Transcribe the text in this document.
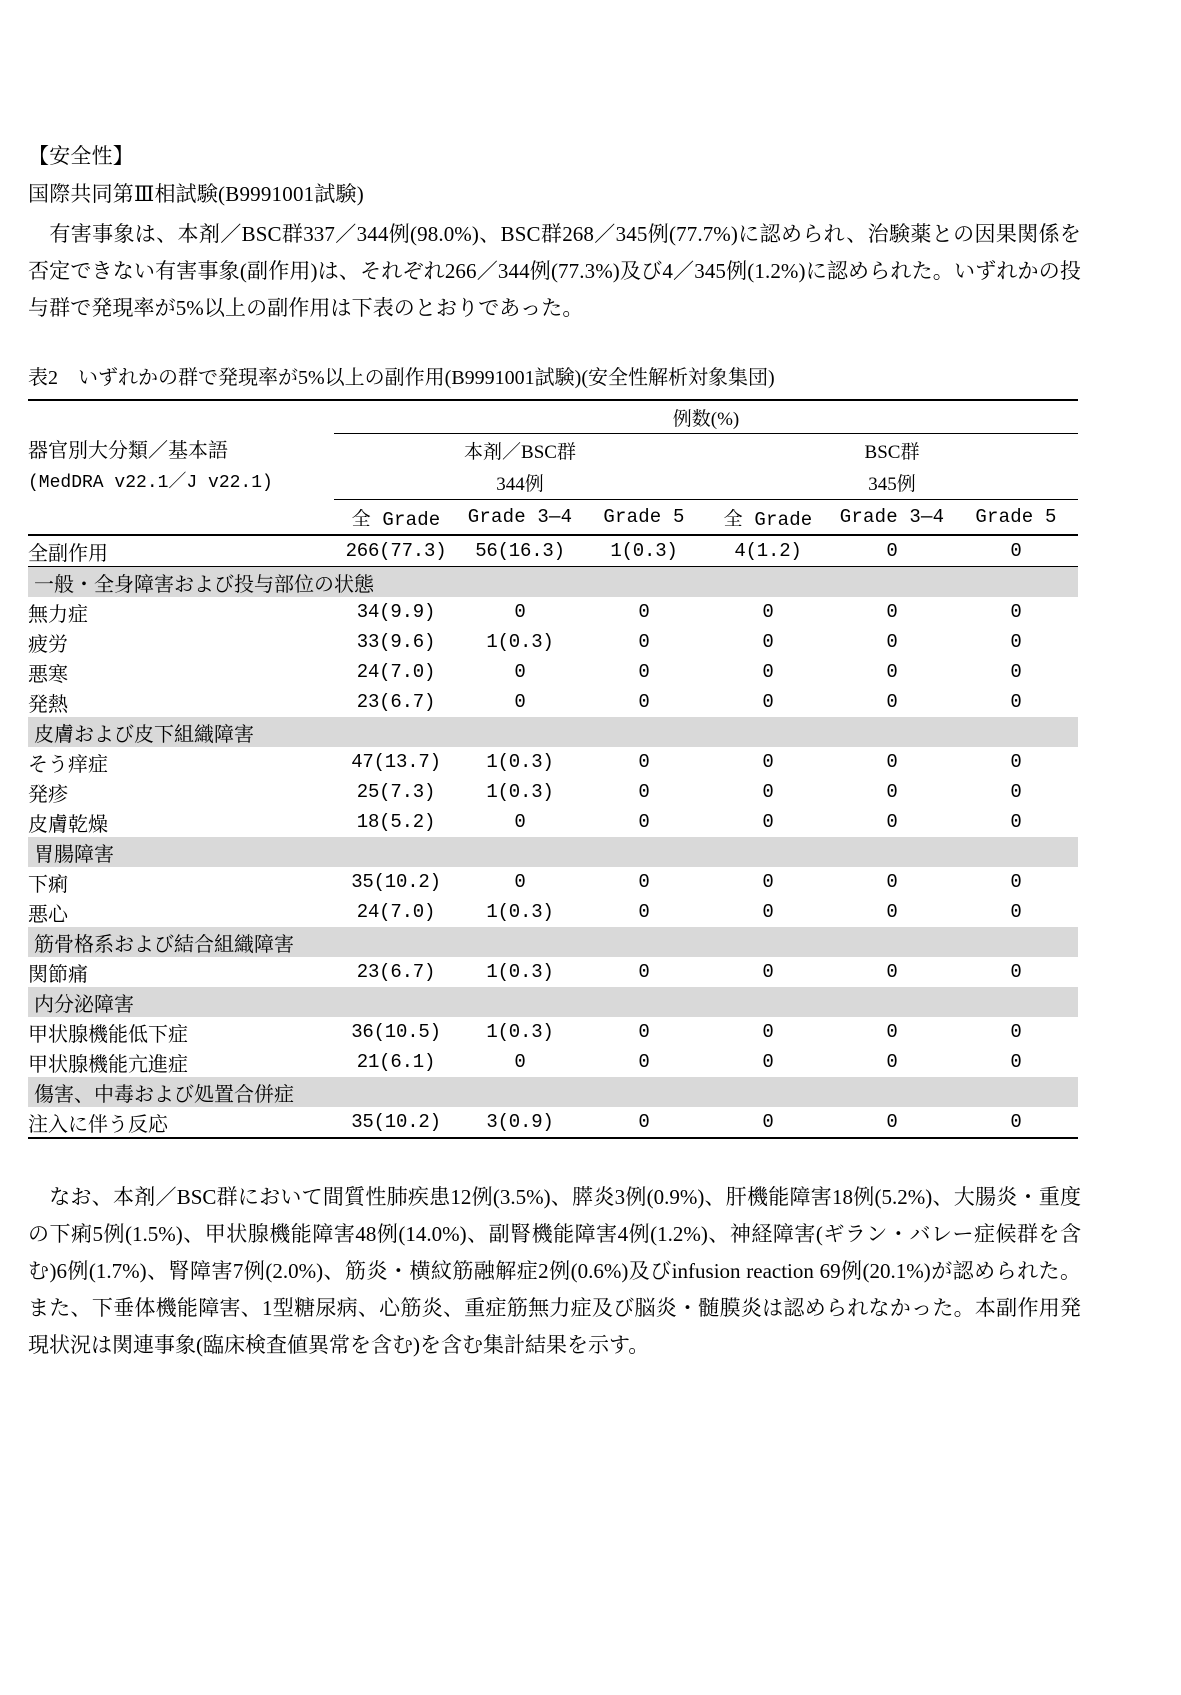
【安全性】
国際共同第Ⅲ相試験(B9991001試験)
　有害事象は、本剤／BSC群337／344例(98.0%)、BSC群268／345例(77.7%)に認められ、治験薬との因果関係を否定できない有害事象(副作用)は、それぞれ266／344例(77.3%)及び4／345例(1.2%)に認められた。いずれかの投与群で発現率が5%以上の副作用は下表のとおりであった。
表2　いずれかの群で発現率が5%以上の副作用(B9991001試験)(安全性解析対象集団)
	例数(%)					

器官別大分類／基本語
(MedDRA v22.1／J v22.1)	本剤／BSC群			BSC群		
	344例			345例		
	全 Grade	Grade 3—4	Grade 5	全 Grade	Grade 3—4	Grade 5
全副作用	266(77.3)	56(16.3)	1(0.3)	4(1.2)	0	0
一般・全身障害および投与部位の状態						
無力症	34(9.9)	0	0	0	0	0
疲労	33(9.6)	1(0.3)	0	0	0	0
悪寒	24(7.0)	0	0	0	0	0
発熱	23(6.7)	0	0	0	0	0
皮膚および皮下組織障害						
そう痒症	47(13.7)	1(0.3)	0	0	0	0
発疹	25(7.3)	1(0.3)	0	0	0	0
皮膚乾燥	18(5.2)	0	0	0	0	0
胃腸障害						
下痢	35(10.2)	0	0	0	0	0
悪心	24(7.0)	1(0.3)	0	0	0	0
筋骨格系および結合組織障害						
関節痛	23(6.7)	1(0.3)	0	0	0	0
内分泌障害						
甲状腺機能低下症	36(10.5)	1(0.3)	0	0	0	0
甲状腺機能亢進症	21(6.1)	0	0	0	0	0
傷害、中毒および処置合併症						
注入に伴う反応	35(10.2)	3(0.9)	0	0	0	0

　なお、本剤／BSC群において間質性肺疾患12例(3.5%)、膵炎3例(0.9%)、肝機能障害18例(5.2%)、大腸炎・重度の下痢5例(1.5%)、甲状腺機能障害48例(14.0%)、副腎機能障害4例(1.2%)、神経障害(ギラン・バレー症候群を含む)6例(1.7%)、腎障害7例(2.0%)、筋炎・横紋筋融解症2例(0.6%)及びinfusion reaction 69例(20.1%)が認められた。また、下垂体機能障害、1型糖尿病、心筋炎、重症筋無力症及び脳炎・髄膜炎は認められなかった。本副作用発現状況は関連事象(臨床検査値異常を含む)を含む集計結果を示す。
